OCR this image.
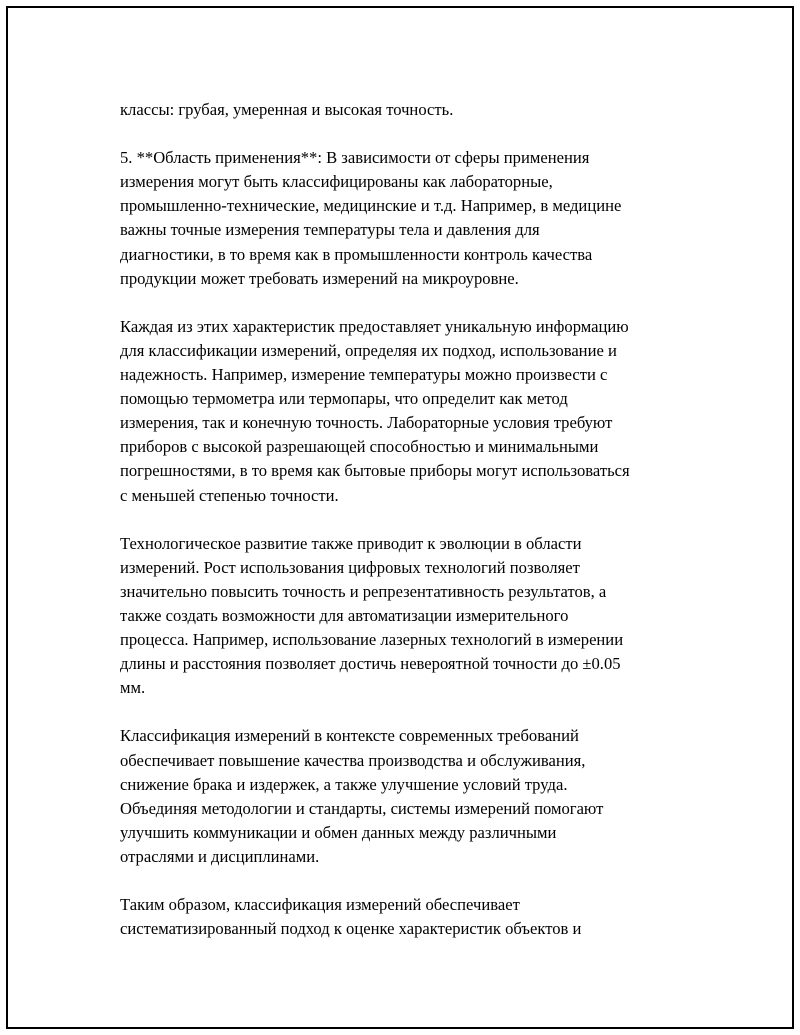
классы: грубая, умеренная и высокая точность.
5. **Область применения**: В зависимости от сферы применения
измерения могут быть классифицированы как лабораторные,
промышленно-технические, медицинские и т.д. Например, в медицине
важны точные измерения температуры тела и давления для
диагностики, в то время как в промышленности контроль качества
продукции может требовать измерений на микроуровне.
Каждая из этих характеристик предоставляет уникальную информацию
для классификации измерений, определяя их подход, использование и
надежность. Например, измерение температуры можно произвести с
помощью термометра или термопары, что определит как метод
измерения, так и конечную точность. Лабораторные условия требуют
приборов с высокой разрешающей способностью и минимальными
погрешностями, в то время как бытовые приборы могут использоваться
с меньшей степенью точности.
Технологическое развитие также приводит к эволюции в области
измерений. Рост использования цифровых технологий позволяет
значительно повысить точность и репрезентативность результатов, а
также создать возможности для автоматизации измерительного
процесса. Например, использование лазерных технологий в измерении
длины и расстояния позволяет достичь невероятной точности до ±0.05
мм.
Классификация измерений в контексте современных требований
обеспечивает повышение качества производства и обслуживания,
снижение брака и издержек, а также улучшение условий труда.
Объединяя методологии и стандарты, системы измерений помогают
улучшить коммуникации и обмен данных между различными
отраслями и дисциплинами.
Таким образом, классификация измерений обеспечивает
систематизированный подход к оценке характеристик объектов и
